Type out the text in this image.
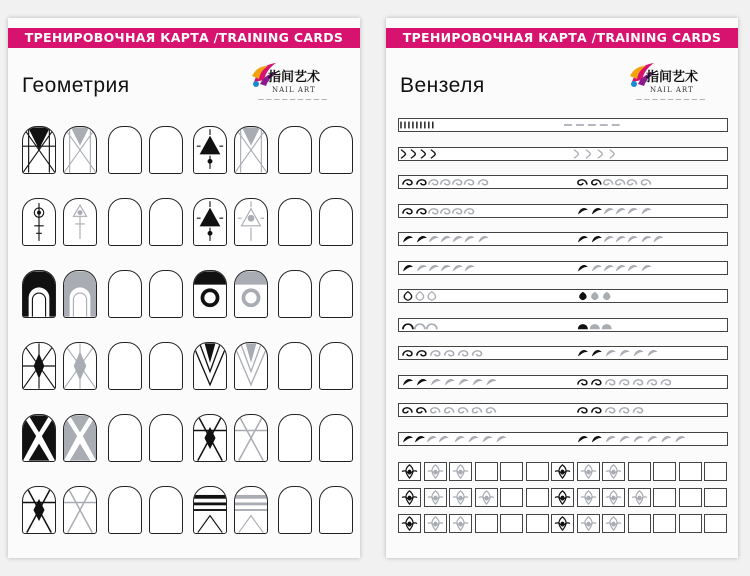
ТРЕНИРОВОЧНАЯ КАРТА /TRAINING CARDS
Геометрия	指间艺术
NAIL ART
— — — — — — — — —
ТРЕНИРОВОЧНАЯ КАРТА /TRAINING CARDS
Вензеля	指间艺术
NAIL ART
— — — — — — — — —
